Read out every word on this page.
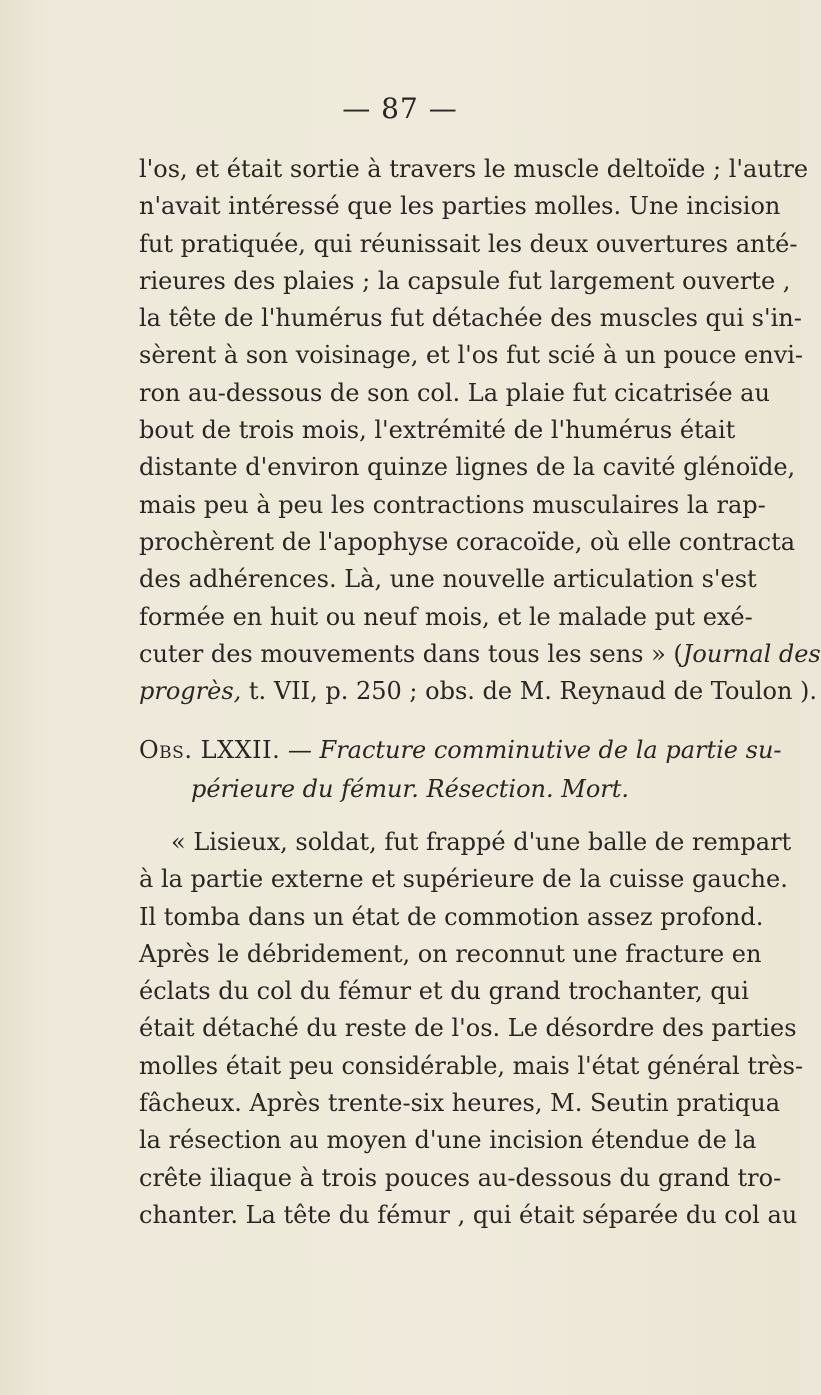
— 87 —
l'os, et était sortie à travers le muscle deltoïde ; l'autre
n'avait intéressé que les parties molles. Une incision
fut pratiquée, qui réunissait les deux ouvertures anté-
rieures des plaies ; la capsule fut largement ouverte ,
la tête de l'humérus fut détachée des muscles qui s'in-
sèrent à son voisinage, et l'os fut scié à un pouce envi-
ron au-dessous de son col. La plaie fut cicatrisée au
bout de trois mois, l'extrémité de l'humérus était
distante d'environ quinze lignes de la cavité glénoïde,
mais peu à peu les contractions musculaires la rap-
prochèrent de l'apophyse coracoïde, où elle contracta
des adhérences. Là, une nouvelle articulation s'est
formée en huit ou neuf mois, et le malade put exé-
cuter des mouvements dans tous les sens » (Journal des
progrès, t. VII, p. 250 ; obs. de M. Reynaud de Toulon ).
Obs. LXXII. — Fracture comminutive de la partie su-
périeure du fémur. Résection. Mort.
« Lisieux, soldat, fut frappé d'une balle de rempart
à la partie externe et supérieure de la cuisse gauche.
Il tomba dans un état de commotion assez profond.
Après le débridement, on reconnut une fracture en
éclats du col du fémur et du grand trochanter, qui
était détaché du reste de l'os. Le désordre des parties
molles était peu considérable, mais l'état général très-
fâcheux. Après trente-six heures, M. Seutin pratiqua
la résection au moyen d'une incision étendue de la
crête iliaque à trois pouces au-dessous du grand tro-
chanter. La tête du fémur , qui était séparée du col au
